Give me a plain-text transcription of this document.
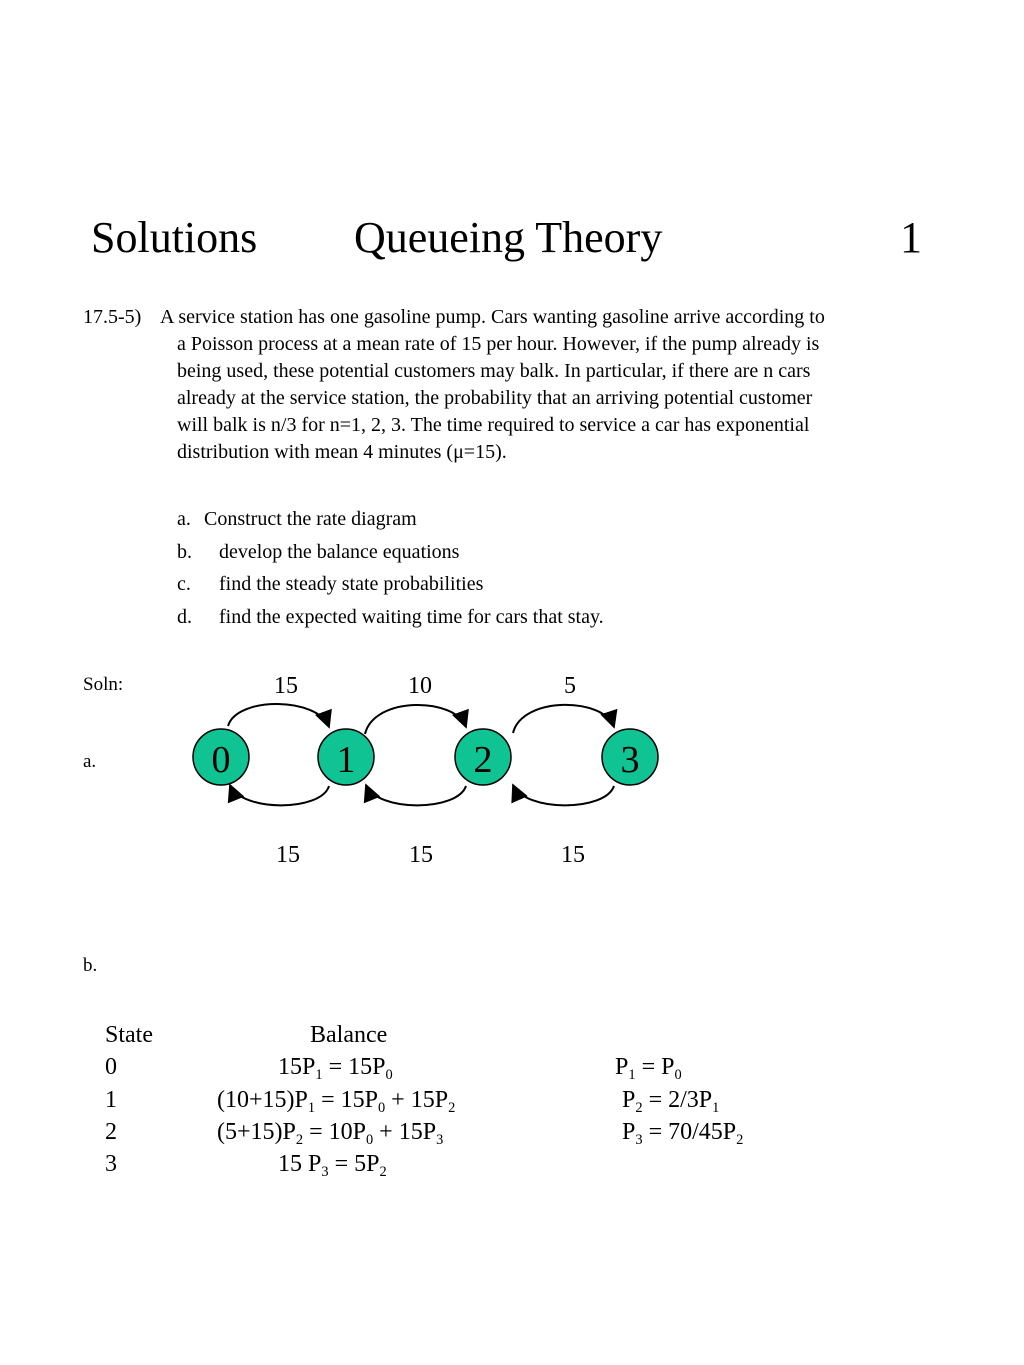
Solutions Queueing Theory	1
17.5-5) A service station has one gasoline pump. Cars wanting gasoline arrive according to
a Poisson process at a mean rate of 15 per hour. However, if the pump already is
being used, these potential customers may balk. In particular, if there are n cars
already at the service station, the probability that an arriving potential customer
will balk is n/3 for n=1, 2, 3. The time required to service a car has exponential
distribution with mean 4 minutes (μ=15).
a. Construct the rate diagram
b. develop the balance equations
c. find the steady state probabilities
d. find the expected waiting time for cars that stay.
Soln:
a.
b.
0	1	2	3
15	10	5
15	15	15
State	Balance
0	$15P_1 = 15P_0$	$P_1 = P_0$
1	$(10+15)P_1 = 15P_0 + 15P_2$	$P_2 = 2/3P_1$
2	$(5+15)P_2 = 10P_0 + 15P_3$	$P_3 = 70/45P_2$
3	15 $P_3 = 5P_2$
